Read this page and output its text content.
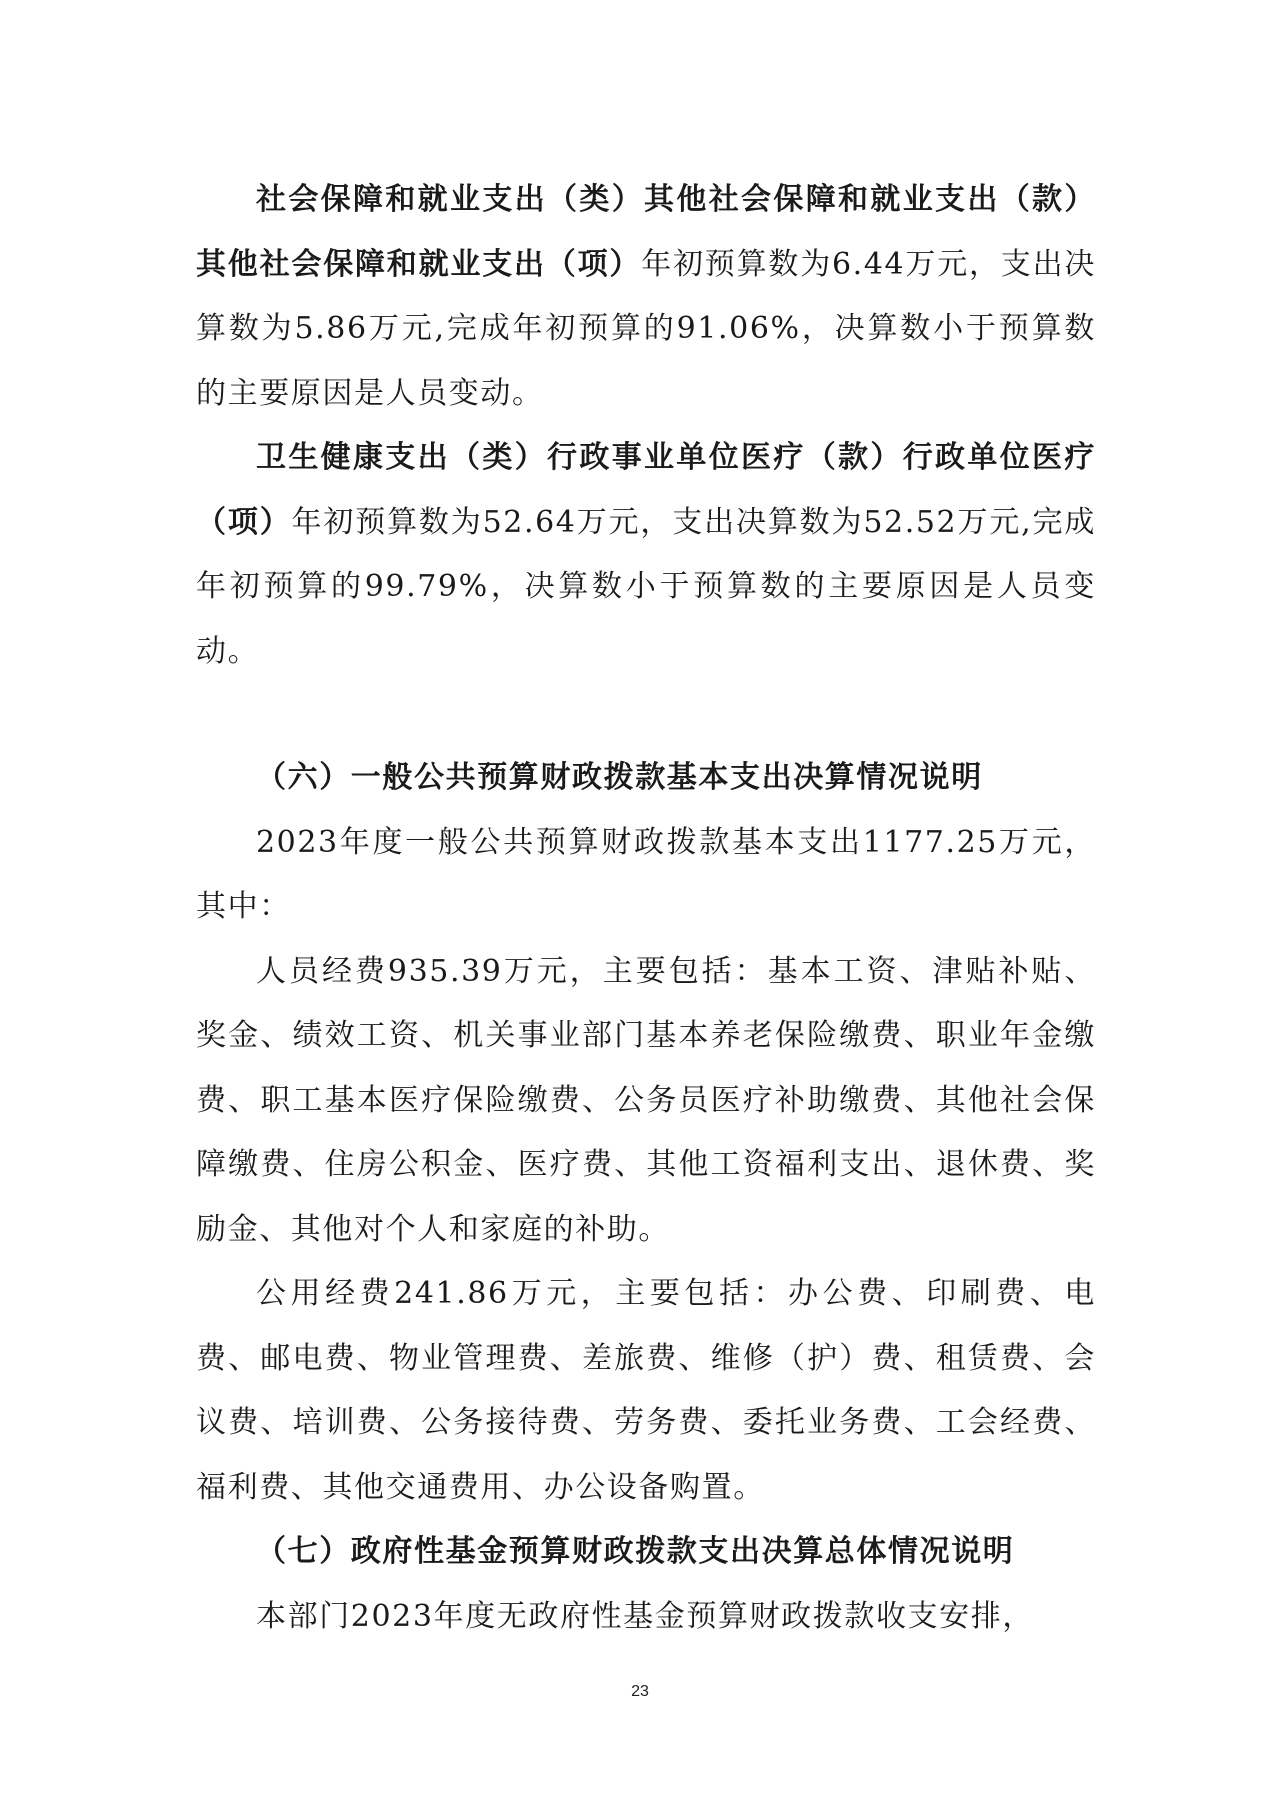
社会保障和就业支出（类）其他社会保障和就业支出（款）其他社会保障和就业支出（项）年初预算数为6.44万元，支出决算数为5.86万元,完成年初预算的91.06%，决算数小于预算数的主要原因是人员变动。

卫生健康支出（类）行政事业单位医疗（款）行政单位医疗（项）年初预算数为52.64万元，支出决算数为52.52万元,完成年初预算的99.79%，决算数小于预算数的主要原因是人员变动。

（六）一般公共预算财政拨款基本支出决算情况说明

2023年度一般公共预算财政拨款基本支出1177.25万元，其中：

人员经费935.39万元，主要包括：基本工资、津贴补贴、奖金、绩效工资、机关事业部门基本养老保险缴费、职业年金缴费、职工基本医疗保险缴费、公务员医疗补助缴费、其他社会保障缴费、住房公积金、医疗费、其他工资福利支出、退休费、奖励金、其他对个人和家庭的补助。

公用经费241.86万元，主要包括：办公费、印刷费、电费、邮电费、物业管理费、差旅费、维修（护）费、租赁费、会议费、培训费、公务接待费、劳务费、委托业务费、工会经费、福利费、其他交通费用、办公设备购置。

（七）政府性基金预算财政拨款支出决算总体情况说明

本部门2023年度无政府性基金预算财政拨款收支安排，

23
